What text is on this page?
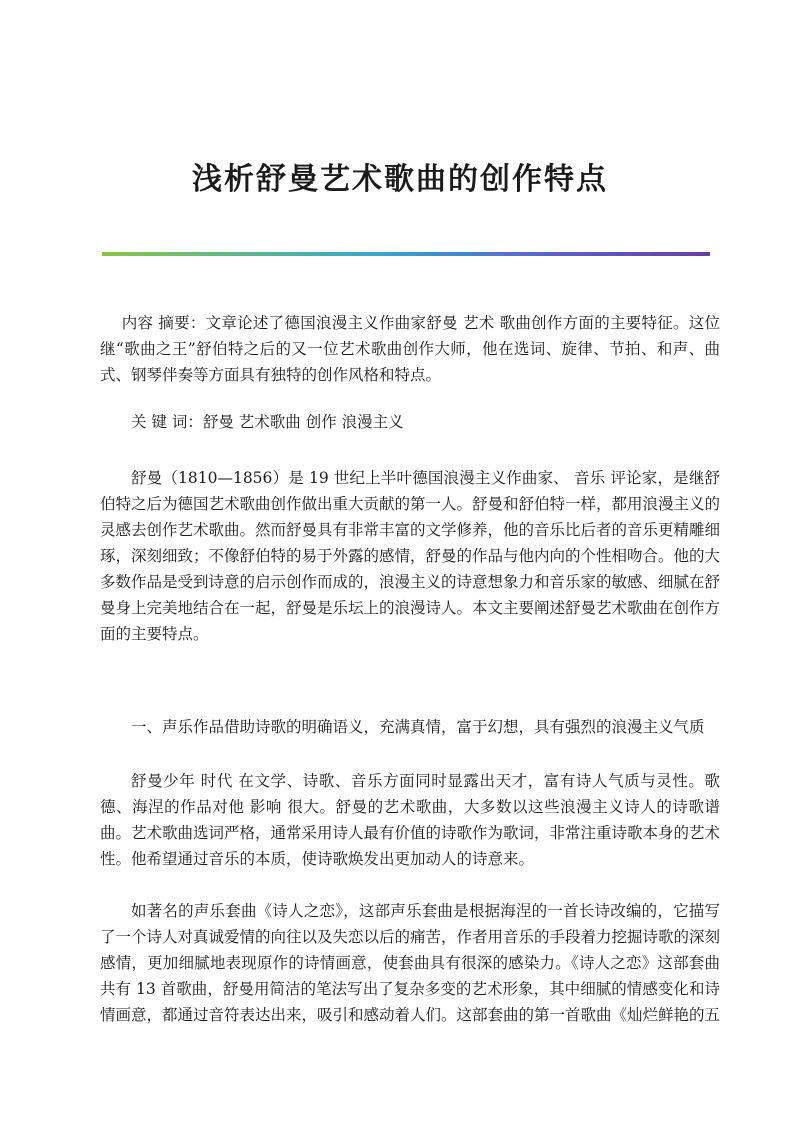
浅析舒曼艺术歌曲的创作特点

内容 摘要：文章论述了德国浪漫主义作曲家舒曼 艺术 歌曲创作方面的主要特征。这位继“歌曲之王”舒伯特之后的又一位艺术歌曲创作大师，他在选词、旋律、节拍、和声、曲式、钢琴伴奏等方面具有独特的创作风格和特点。

关 键 词：舒曼 艺术歌曲 创作 浪漫主义

舒曼（1810—1856）是 19 世纪上半叶德国浪漫主义作曲家、 音乐 评论家，是继舒伯特之后为德国艺术歌曲创作做出重大贡献的第一人。舒曼和舒伯特一样，都用浪漫主义的灵感去创作艺术歌曲。然而舒曼具有非常丰富的文学修养，他的音乐比后者的音乐更精雕细琢，深刻细致；不像舒伯特的易于外露的感情，舒曼的作品与他内向的个性相吻合。他的大多数作品是受到诗意的启示创作而成的，浪漫主义的诗意想象力和音乐家的敏感、细腻在舒曼身上完美地结合在一起，舒曼是乐坛上的浪漫诗人。本文主要阐述舒曼艺术歌曲在创作方面的主要特点。

一、声乐作品借助诗歌的明确语义，充满真情，富于幻想，具有强烈的浪漫主义气质

舒曼少年 时代 在文学、诗歌、音乐方面同时显露出天才，富有诗人气质与灵性。歌德、海涅的作品对他 影响 很大。舒曼的艺术歌曲，大多数以这些浪漫主义诗人的诗歌谱曲。艺术歌曲选词严格，通常采用诗人最有价值的诗歌作为歌词，非常注重诗歌本身的艺术性。他希望通过音乐的本质，使诗歌焕发出更加动人的诗意来。

如著名的声乐套曲《诗人之恋》，这部声乐套曲是根据海涅的一首长诗改编的，它描写了一个诗人对真诚爱情的向往以及失恋以后的痛苦，作者用音乐的手段着力挖掘诗歌的深刻感情，更加细腻地表现原作的诗情画意，使套曲具有很深的感染力。《诗人之恋》这部套曲共有 13 首歌曲，舒曼用简洁的笔法写出了复杂多变的艺术形象，其中细腻的情感变化和诗情画意，都通过音符表达出来，吸引和感动着人们。这部套曲的第一首歌曲《灿烂鲜艳的五
